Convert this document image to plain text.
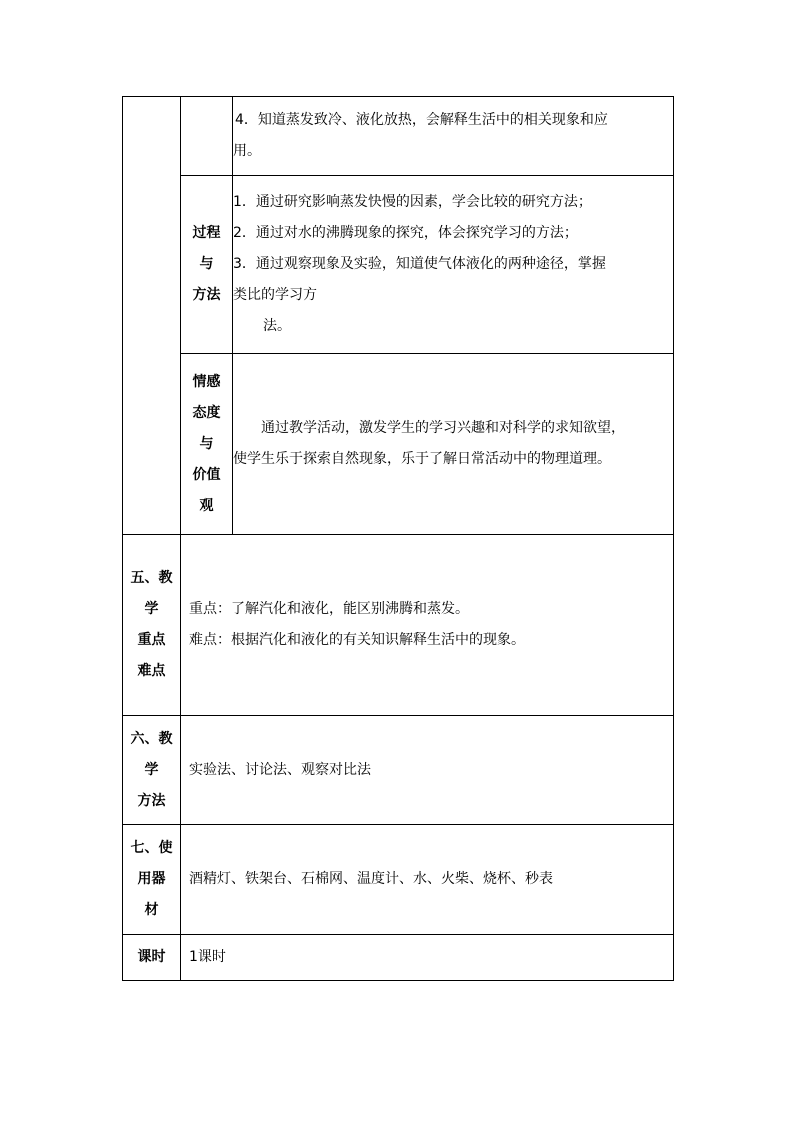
		4．知道蒸发致冷、液化放热，会解释生活中的相关现象和应
用。

	过程
与
方法	1．通过研究影响蒸发快慢的因素，学会比较的研究方法；
2．通过对水的沸腾现象的探究，体会探究学习的方法；
3．通过观察现象及实验，知道使气体液化的两种途径，掌握
类比的学习方
法。

	情感
态度
与
价值
观	通过教学活动，激发学生的学习兴趣和对科学的求知欲望，
使学生乐于探索自然现象，乐于了解日常活动中的物理道理。

五、教
学
重点
难点	重点：了解汽化和液化，能区别沸腾和蒸发。
难点：根据汽化和液化的有关知识解释生活中的现象。	

六、教
学
方法	实验法、讨论法、观察对比法	

七、使
用器
材	酒精灯、铁架台、石棉网、温度计、水、火柴、烧杯、秒表	
课时	1课时	
